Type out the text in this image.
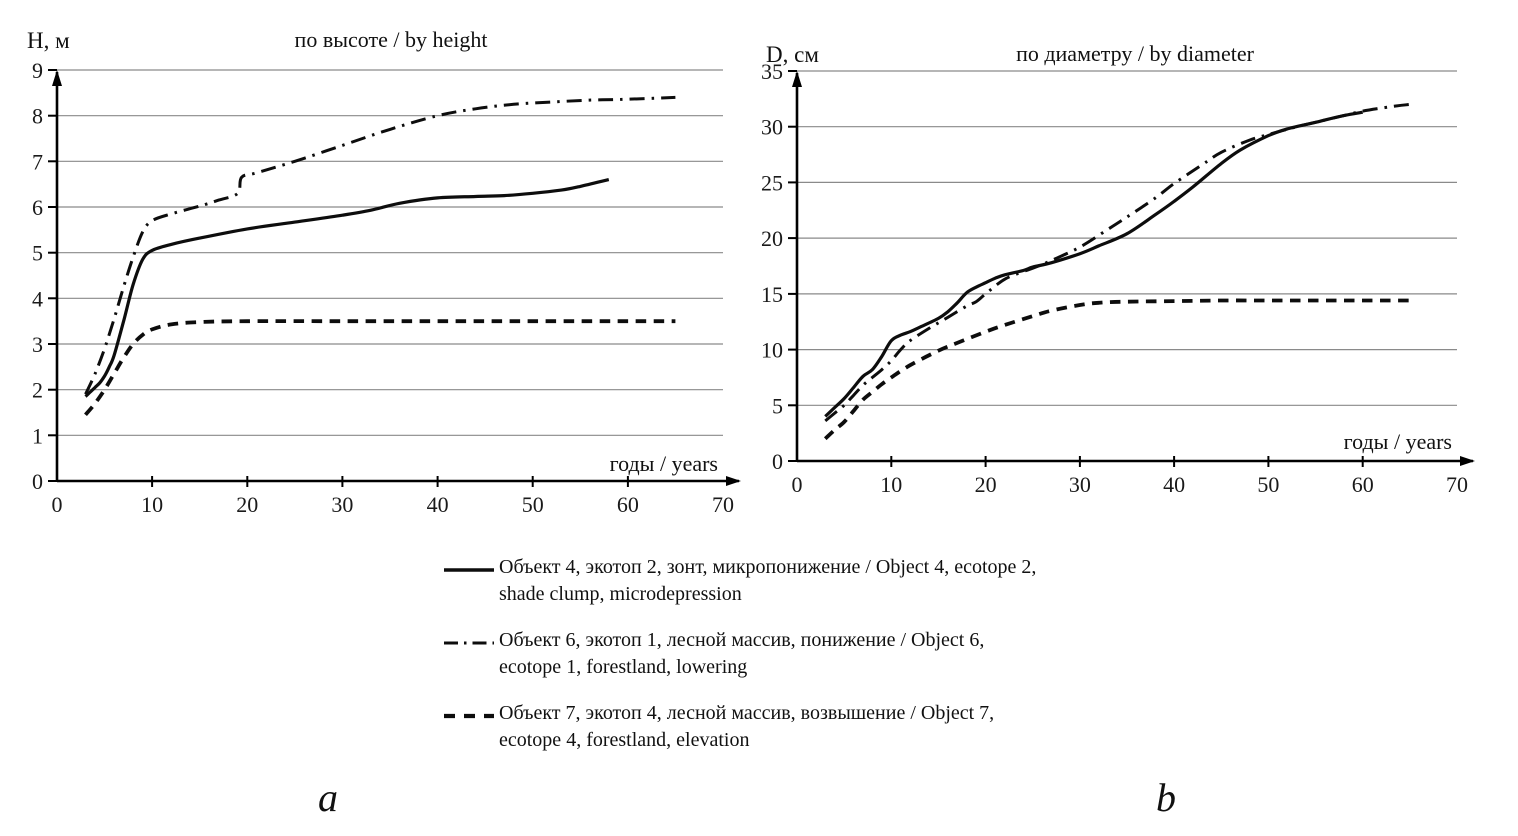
H, м	по высоте / by height
годы / years
0	10	20	30	40	50	60	70
0
1
2
3
4
5
6
7
8
9
D, см	по диаметру / by diameter
годы / years
0	10	20	30	40	50	60	70
0
5
10
15
20
25
30
35
Объект 4, экотоп 2, зонт, микропонижение / Object 4, ecotope 2,
shade clump, microdepression
Объект 6, экотоп 1, лесной массив, понижение / Object 6,
ecotope 1, forestland, lowering
Объект 7, экотоп 4, лесной массив, возвышение / Object 7,
ecotope 4, forestland, elevation
a	b
